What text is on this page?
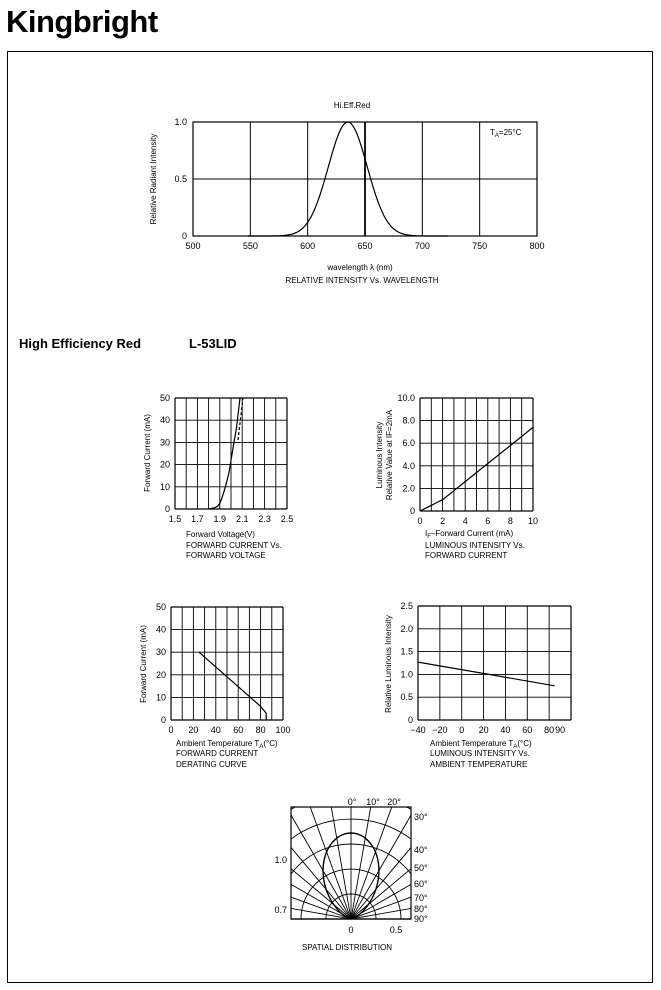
Kingbright
High Efficiency Red	L-53LID
500	550	600	650	700	750	800
0
0.5
1.0
Hi.Eff.Red
$T_A=25^\circ C$
wavelength λ (nm)
RELATIVE INTENSITY Vs. WAVELENGTH
Relative Radiant Intensity
1.5 1.7 1.9 2.1 2.3 2.5
0
10
20
30
40
50
Forward Voltage(V)
FORWARD CURRENT Vs.
FORWARD VOLTAGE
Forward Current (mA)
0 2 4 6 8 10
0
2.0
4.0
6.0
8.0
10.0
$I_F$–Forward Current (mA)
LUMINOUS INTENSITY Vs.
FORWARD CURRENT
Luminous Intensity Relative Value at IF=2mA
0 20 40 60 80 100
0
10
20
30
40
50
Ambient Temperature $T_A(^\circ C)$
FORWARD CURRENT
DERATING CURVE
Forward Current (mA)
−40 −20 0 20 40 60 80 90
0
0.5
1.0
1.5
2.0
2.5
Ambient Temperature $T_A(^\circ C)$
LUMINOUS INTENSITY Vs.
AMBIENT TEMPERATURE
Relative Luminous Intensity
0° 10° 20°
30°
40°
50°
60°
70°
80°
90°
1.0
0.7
0	0.5
SPATIAL DISTRIBUTION
